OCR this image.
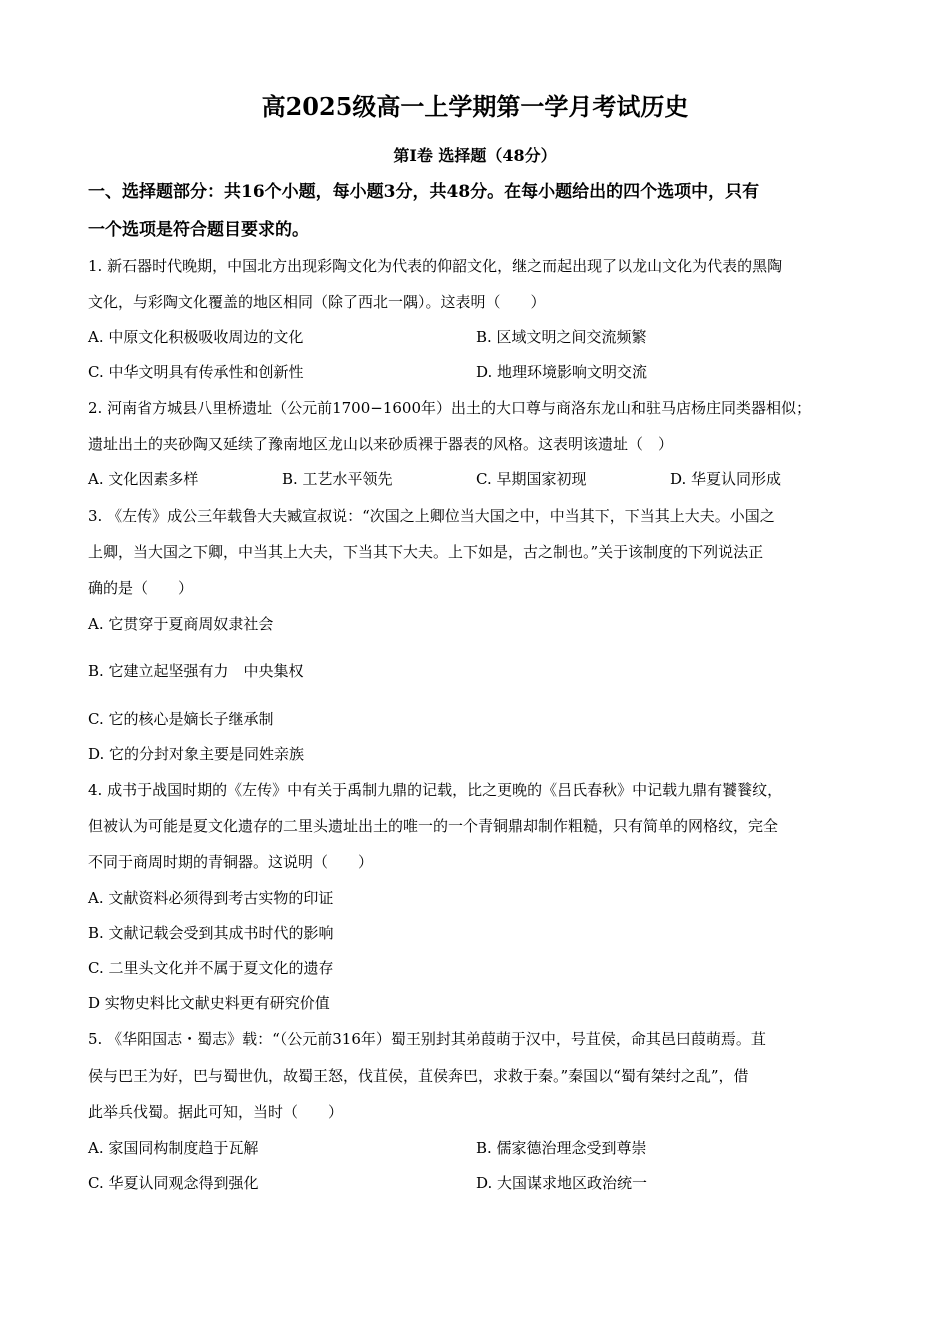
高2025级高一上学期第一学月考试历史
第Ⅰ卷 选择题（48分）
一、选择题部分：共16个小题，每小题3分，共48分。在每小题给出的四个选项中，只有
一个选项是符合题目要求的。
1. 新石器时代晚期，中国北方出现彩陶文化为代表的仰韶文化，继之而起出现了以龙山文化为代表的黑陶
文化，与彩陶文化覆盖的地区相同（除了西北一隅）。这表明（　　）
A. 中原文化积极吸收周边的文化	B. 区域文明之间交流频繁
C. 中华文明具有传承性和创新性	D. 地理环境影响文明交流
2. 河南省方城县八里桥遗址（公元前1700−1600年）出土的大口尊与商洛东龙山和驻马店杨庄同类器相似；
遗址出土的夹砂陶又延续了豫南地区龙山以来砂质裸于器表的风格。这表明该遗址（　）
A. 文化因素多样	B. 工艺水平领先	C. 早期国家初现	D. 华夏认同形成
3. 《左传》成公三年载鲁大夫臧宣叔说：“次国之上卿位当大国之中，中当其下，下当其上大夫。小国之
上卿，当大国之下卿，中当其上大夫，下当其下大夫。上下如是，古之制也。”关于该制度的下列说法正
确的是（　　）
A. 它贯穿于夏商周奴隶社会
B. 它建立起坚强有力　中央集权
C. 它的核心是嫡长子继承制
D. 它的分封对象主要是同姓亲族
4. 成书于战国时期的《左传》中有关于禹制九鼎的记载，比之更晚的《吕氏春秋》中记载九鼎有饕餮纹，
但被认为可能是夏文化遗存的二里头遗址出土的唯一的一个青铜鼎却制作粗糙，只有简单的网格纹，完全
不同于商周时期的青铜器。这说明（　　）
A. 文献资料必须得到考古实物的印证
B. 文献记载会受到其成书时代的影响
C. 二里头文化并不属于夏文化的遗存
D 实物史料比文献史料更有研究价值
5. 《华阳国志・蜀志》载：“（公元前316年）蜀王别封其弟葭萌于汉中，号苴侯，命其邑曰葭萌焉。苴
侯与巴王为好，巴与蜀世仇，故蜀王怒，伐苴侯，苴侯奔巴，求救于秦。”秦国以“蜀有桀纣之乱”，借
此举兵伐蜀。据此可知，当时（　　）
A. 家国同构制度趋于瓦解	B. 儒家德治理念受到尊崇
C. 华夏认同观念得到强化	D. 大国谋求地区政治统一
